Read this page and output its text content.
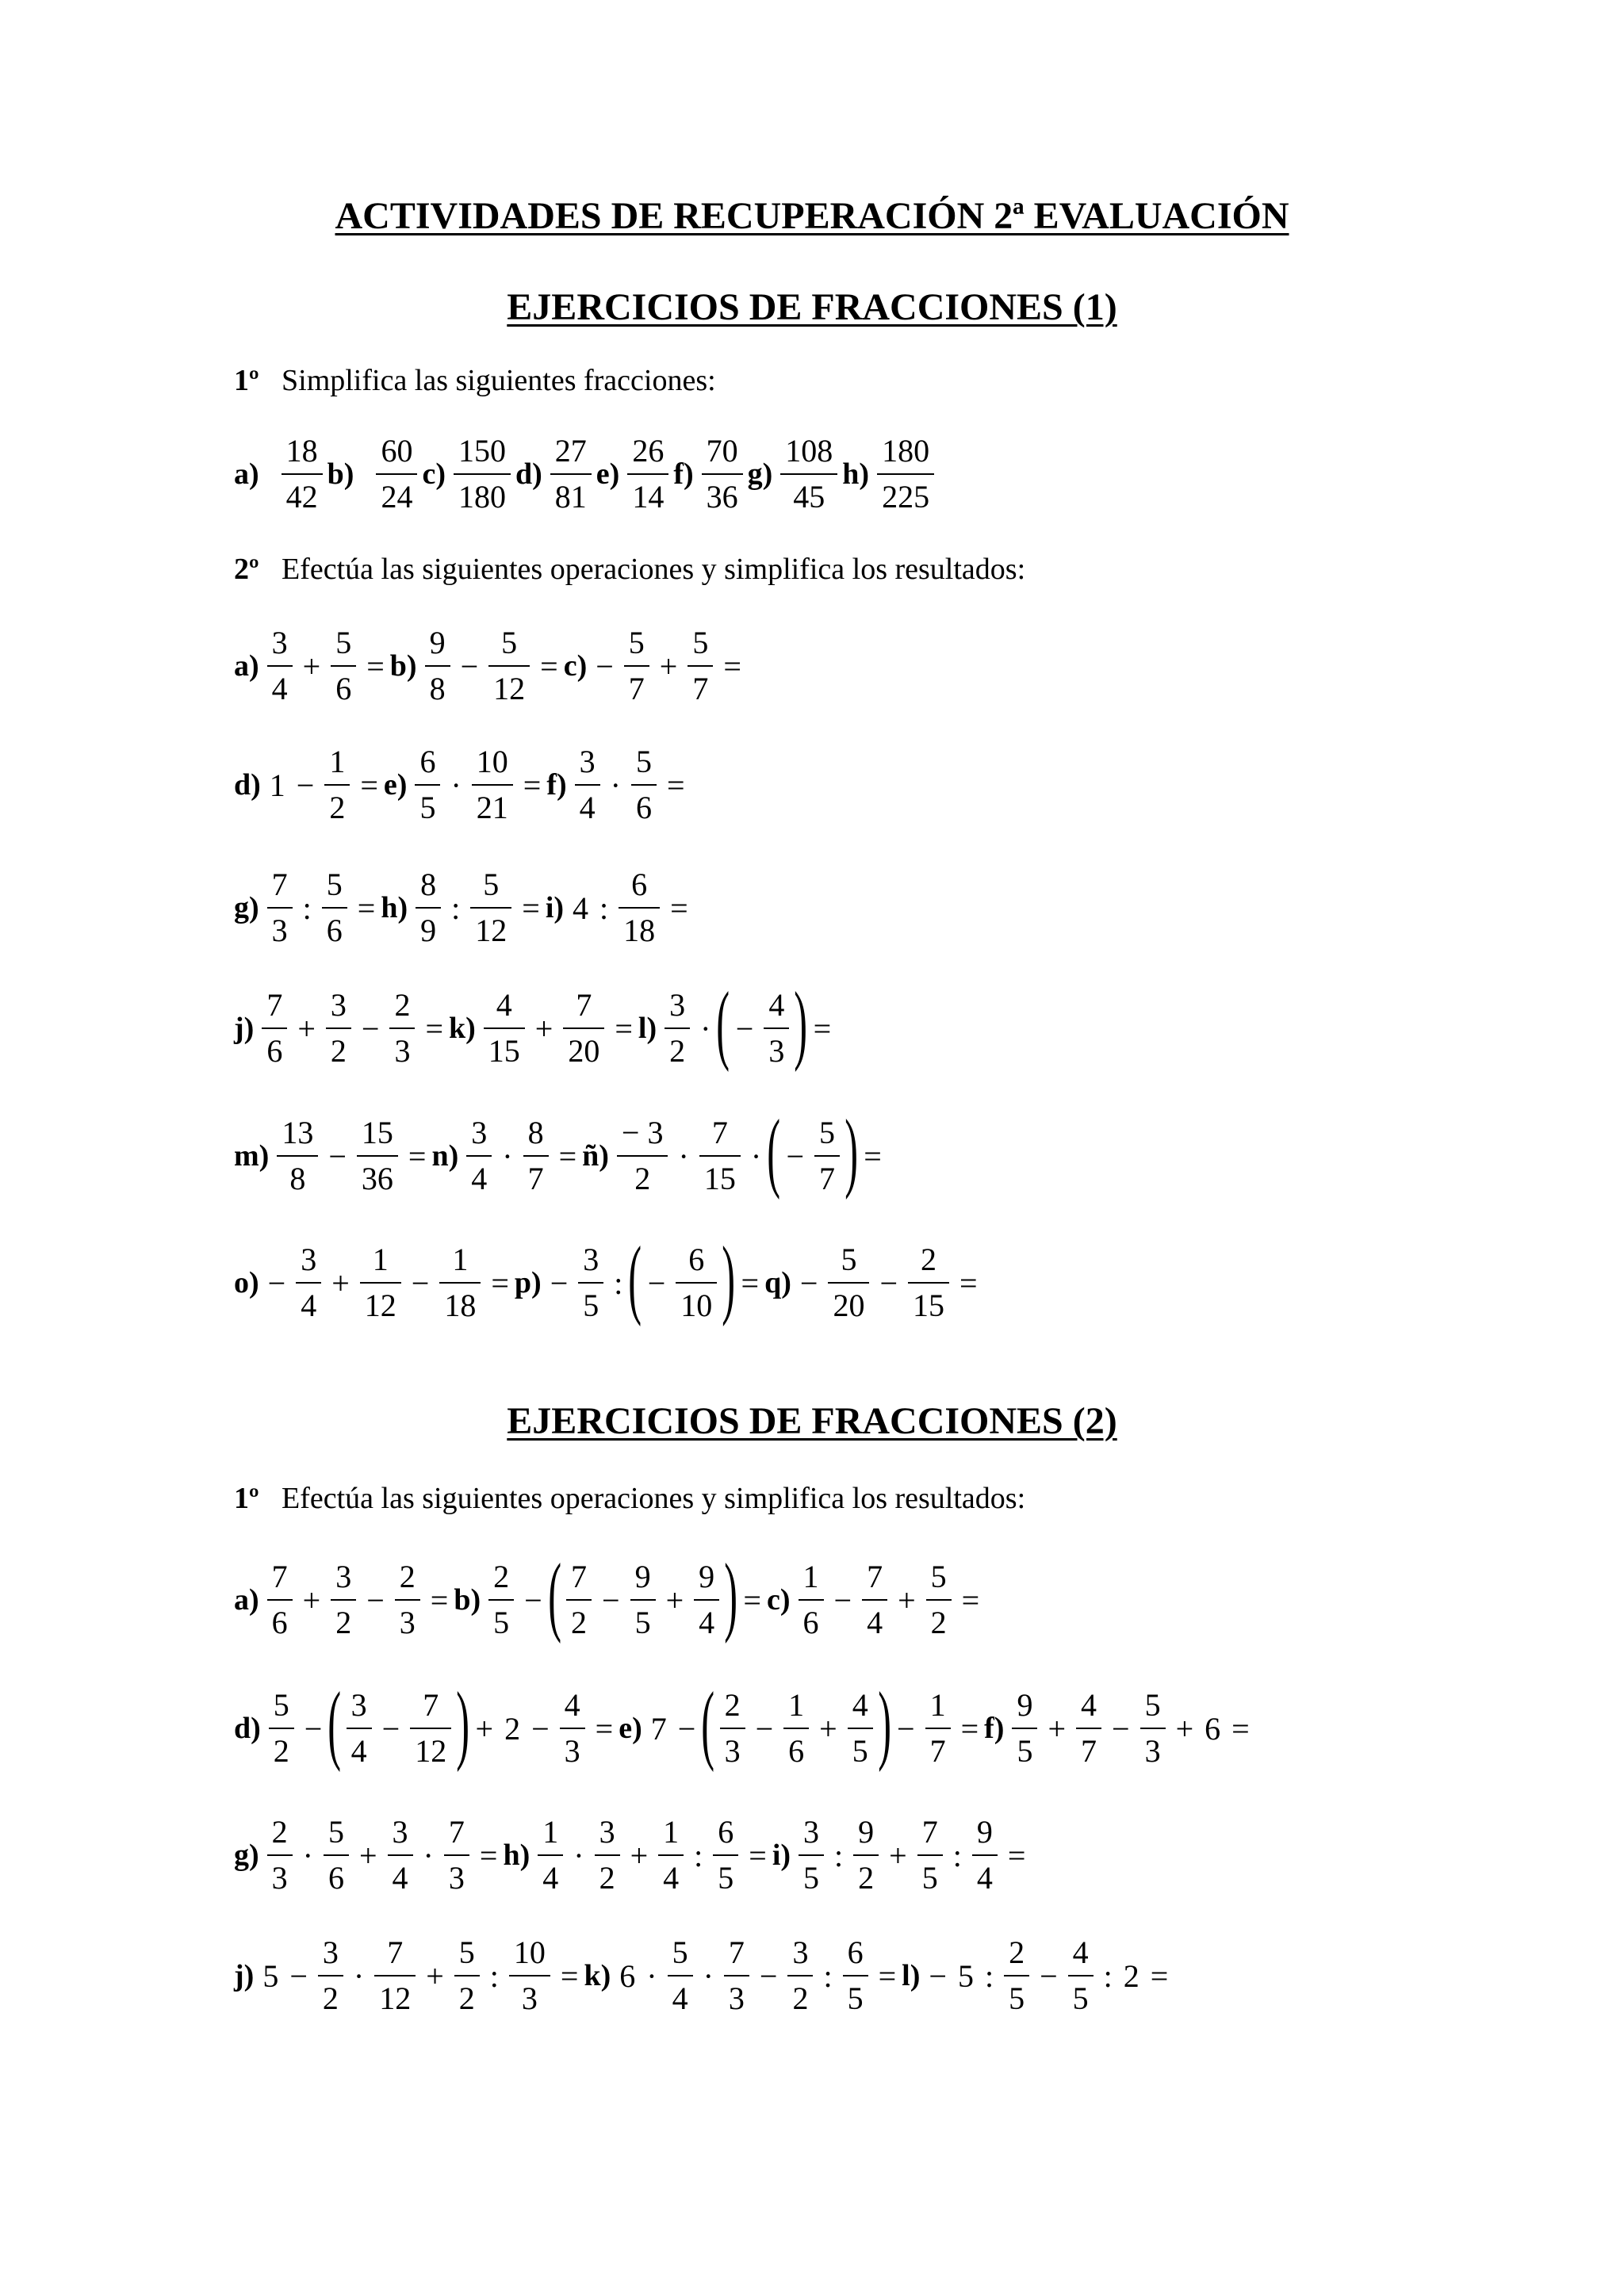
ACTIVIDADES DE RECUPERACIÓN 2ª EVALUACIÓN
EJERCICIOS DE FRACCIONES (1)
1º Simplifica las siguientes fracciones:
$a) \frac{18}{42} b) \frac{60}{24} c) \frac{150}{180} d) \frac{27}{81} e) \frac{26}{14} f) \frac{70}{36} g) \frac{108}{45} h) \frac{180}{225}$
2º Efectúa las siguientes operaciones y simplifica los resultados:
$a) \frac{3}{4} + \frac{5}{6} = b) \frac{9}{8} - \frac{5}{12} = c) - \frac{5}{7} + \frac{5}{7}$ =
d) $1 - \frac{1}{2} = e) \frac{6}{5} \cdot \frac{10}{21} = f) \frac{3}{4} \cdot \frac{5}{6}$ =
$g) \frac{7}{3}$ : $\frac{5}{6} = h) \frac{8}{9}$ : $\frac{5}{12} = i$) 4 : $\frac{6}{18}$ =
$j) \frac{7}{6} + \frac{3}{2} - \frac{2}{3} = k) \frac{4}{15} + \frac{7}{20} = l) \frac{3}{2}$ · ( − $\frac{4}{3}$ ) =
$m) \frac{13}{8} - \frac{15}{36} = n) \frac{3}{4} \cdot \frac{8}{7}$ = ñ) $\frac{- 3}{2} \cdot \frac{7}{15}$ · ( − $\frac{5}{7}$ ) =
$o) - \frac{3}{4} + \frac{1}{12} - \frac{1}{18} = p) - \frac{3}{5}$ : ( − $\frac{6}{10}$ ) = $q) - \frac{5}{20} - \frac{2}{15}$ =
EJERCICIOS DE FRACCIONES (2)
1º Efectúa las siguientes operaciones y simplifica los resultados:
$a) \frac{7}{6} + \frac{3}{2} - \frac{2}{3} = b) \frac{2}{5}$ − ( $\frac{7}{2} - \frac{9}{5} + \frac{9}{4}$ ) = $c) \frac{1}{6} - \frac{7}{4} + \frac{5}{2}$ =
$d) \frac{5}{2}$ − ( $\frac{3}{4} - \frac{7}{12}$ ) + $2 - \frac{4}{3} = e$) 7 − ( $\frac{2}{3} - \frac{1}{6} + \frac{4}{5}$ ) − $\frac{1}{7} = f) \frac{9}{5} + \frac{4}{7} - \frac{5}{3} + 6$ =
$g) \frac{2}{3} \cdot \frac{5}{6} + \frac{3}{4} \cdot \frac{7}{3} = h) \frac{1}{4} \cdot \frac{3}{2} + \frac{1}{4}$ : $\frac{6}{5} = i) \frac{3}{5}$ : $\frac{9}{2} + \frac{7}{5}$ : $\frac{9}{4}$ =
j) $5 - \frac{3}{2} \cdot \frac{7}{12} + \frac{5}{2}$ : $\frac{10}{3} = k$) $6 \cdot \frac{5}{4} \cdot \frac{7}{3} - \frac{3}{2}$ : $\frac{6}{5} = l) - 5$ : $\frac{2}{5} - \frac{4}{5}$ : 2 =
